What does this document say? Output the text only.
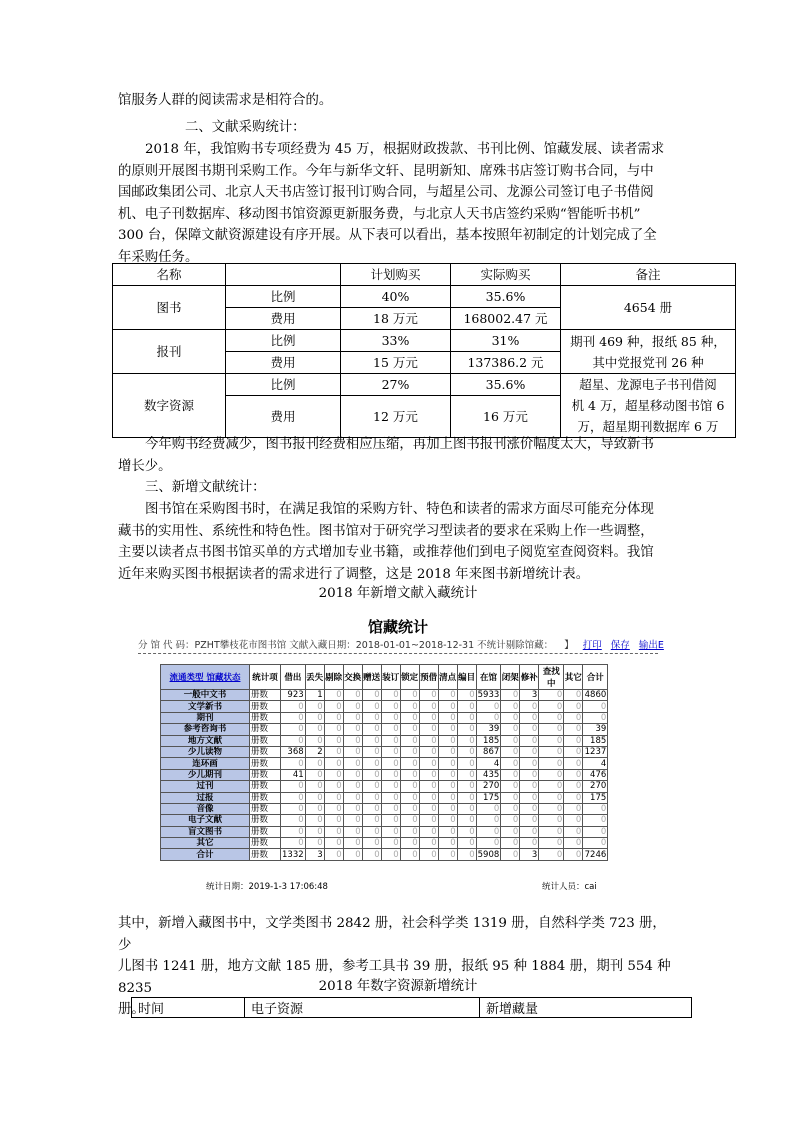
馆服务人群的阅读需求是相符合的。
二、文献采购统计：
2018 年，我馆购书专项经费为 45 万，根据财政拨款、书刊比例、馆藏发展、读者需求
的原则开展图书期刊采购工作。今年与新华文轩、昆明新知、席殊书店签订购书合同，与中
国邮政集团公司、北京人天书店签订报刊订购合同，与超星公司、龙源公司签订电子书借阅
机、电子刊数据库、移动图书馆资源更新服务费，与北京人天书店签约采购“智能听书机”
300 台，保障文献资源建设有序开展。从下表可以看出，基本按照年初制定的计划完成了全
年采购任务。
名称		计划购买	实际购买	备注
图书	比例	40%	35.6%	4654 册

	费用	18 万元	168002.47 元	
报刊	比例	33%	31%	期刊 469 种，报纸 85 种，
其中党报党刊 26 种

	费用	15 万元	137386.2 元	
数字资源	比例	27%	35.6%	超星、龙源电子书刊借阅
机 4 万，超星移动图书馆 6
万，超星期刊数据库 6 万

	费用	12 万元	16 万元	
今年购书经费减少，图书报刊经费相应压缩，再加上图书报刊涨价幅度太大，导致新书
增长少。
三、新增文献统计：
图书馆在采购图书时，在满足我馆的采购方针、特色和读者的需求方面尽可能充分体现
藏书的实用性、系统性和特色性。图书馆对于研究学习型读者的要求在采购上作一些调整，
主要以读者点书图书馆买单的方式增加专业书籍，或推荐他们到电子阅览室查阅资料。我馆
近年来购买图书根据读者的需求进行了调整，这是 2018 年来图书新增统计表。
2018 年新增文献入藏统计
馆藏统计
分 馆 代 码：PZHT攀枝花市图书馆 文献入藏日期：2018-01-01~2018-12-31 不统计剔除馆藏： 】 打印 保存 输出E
流通类型 馆藏状态	统计项	借出	丢失	剔除	交换	赠送	装订	锁定	预借	清点	编目	在馆	闭架	修补	查找中	其它	合计
一般中文书	册数	923	1	0	0	0	0	0	0	0	0	5933	0	3	0	0	4860
文学新书	册数	0	0	0	0	0	0	0	0	0	0	0	0	0	0	0	0
期刊	册数	0	0	0	0	0	0	0	0	0	0	0	0	0	0	0	0
参考咨询书	册数	0	0	0	0	0	0	0	0	0	0	39	0	0	0	0	39
地方文献	册数	0	0	0	0	0	0	0	0	0	0	185	0	0	0	0	185
少儿读物	册数	368	2	0	0	0	0	0	0	0	0	867	0	0	0	0	1237
连环画	册数	0	0	0	0	0	0	0	0	0	0	4	0	0	0	0	4
少儿期刊	册数	41	0	0	0	0	0	0	0	0	0	435	0	0	0	0	476
过刊	册数	0	0	0	0	0	0	0	0	0	0	270	0	0	0	0	270
过报	册数	0	0	0	0	0	0	0	0	0	0	175	0	0	0	0	175
音像	册数	0	0	0	0	0	0	0	0	0	0	0	0	0	0	0	0
电子文献	册数	0	0	0	0	0	0	0	0	0	0	0	0	0	0	0	0
盲文图书	册数	0	0	0	0	0	0	0	0	0	0	0	0	0	0	0	0
其它	册数	0	0	0	0	0	0	0	0	0	0	0	0	0	0	0	0
合计	册数	1332	3	0	0	0	0	0	0	0	0	5908	0	3	0	0	7246
统计日期：2019-1-3 17:06:48	统计人员：cai
其中，新增入藏图书中，文学类图书 2842 册，社会科学类 1319 册，自然科学类 723 册，少
儿图书 1241 册，地方文献 185 册，参考工具书 39 册，报纸 95 种 1884 册，期刊 554 种 8235
册。
2018 年数字资源新增统计
时间	电子资源	新增藏量
